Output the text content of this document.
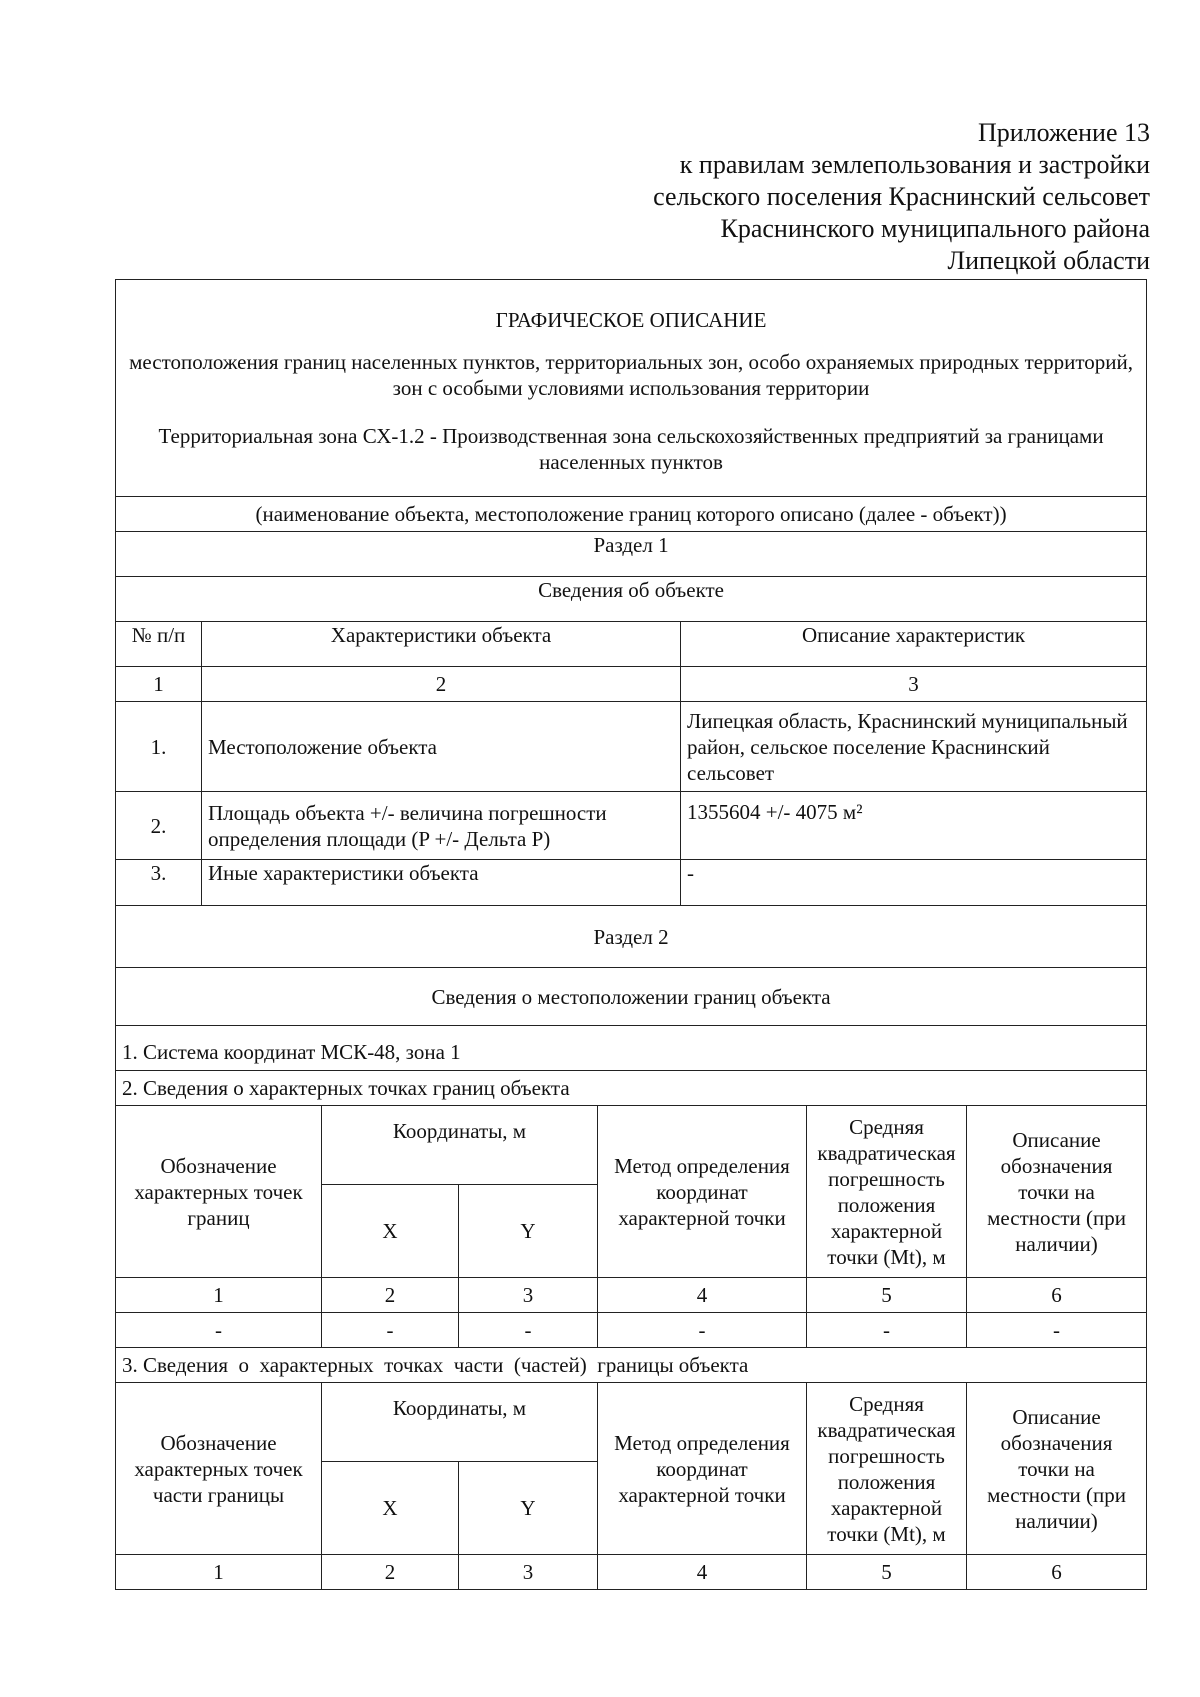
Приложение 13
к правилам землепользования и застройки
сельского поселения Краснинский сельсовет
Краснинского муниципального района
Липецкой области

ГРАФИЧЕСКОЕ ОПИСАНИЕ

местоположения границ населенных пунктов, территориальных зон, особо охраняемых природных территорий, зон с особыми условиями использования территории

Территориальная зона СХ-1.2 - Производственная зона сельскохозяйственных предприятий за границами населенных пунктов							

(наименование объекта, местоположение границ которого описано (далее - объект))							
Раздел 1							
Сведения об объекте							
№ п/п	Характеристики объекта				Описание характеристик		
1	2				3		
1.	Местоположение объекта				Липецкая область, Краснинский муниципальный район, сельское поселение Краснинский сельсовет		
2.	Площадь объекта +/- величина погрешности определения площади (P +/- Дельта P)				1355604 +/- 4075 м²		
3.	Иные характеристики объекта				-		
Раздел 2							
Сведения о местоположении границ объекта							
1. Система координат МСК-48, зона 1							
2. Сведения о характерных точках границ объекта							
Обозначение характерных точек границ		Координаты, м		Метод определения координат характерной точки		Средняя квадратическая погрешность положения характерной точки (Mt), м	Описание обозначения точки на местности (при наличии)
		X	Y				
1		2	3	4		5	6
-		-	-	-		-	-
3. Сведения  о  характерных  точках  части  (частей)  границы объекта							
Обозначение характерных точек части границы		Координаты, м		Метод определения координат характерной точки		Средняя квадратическая погрешность положения характерной точки (Mt), м	Описание обозначения точки на местности (при наличии)
		X	Y				
1		2	3	4		5	6
